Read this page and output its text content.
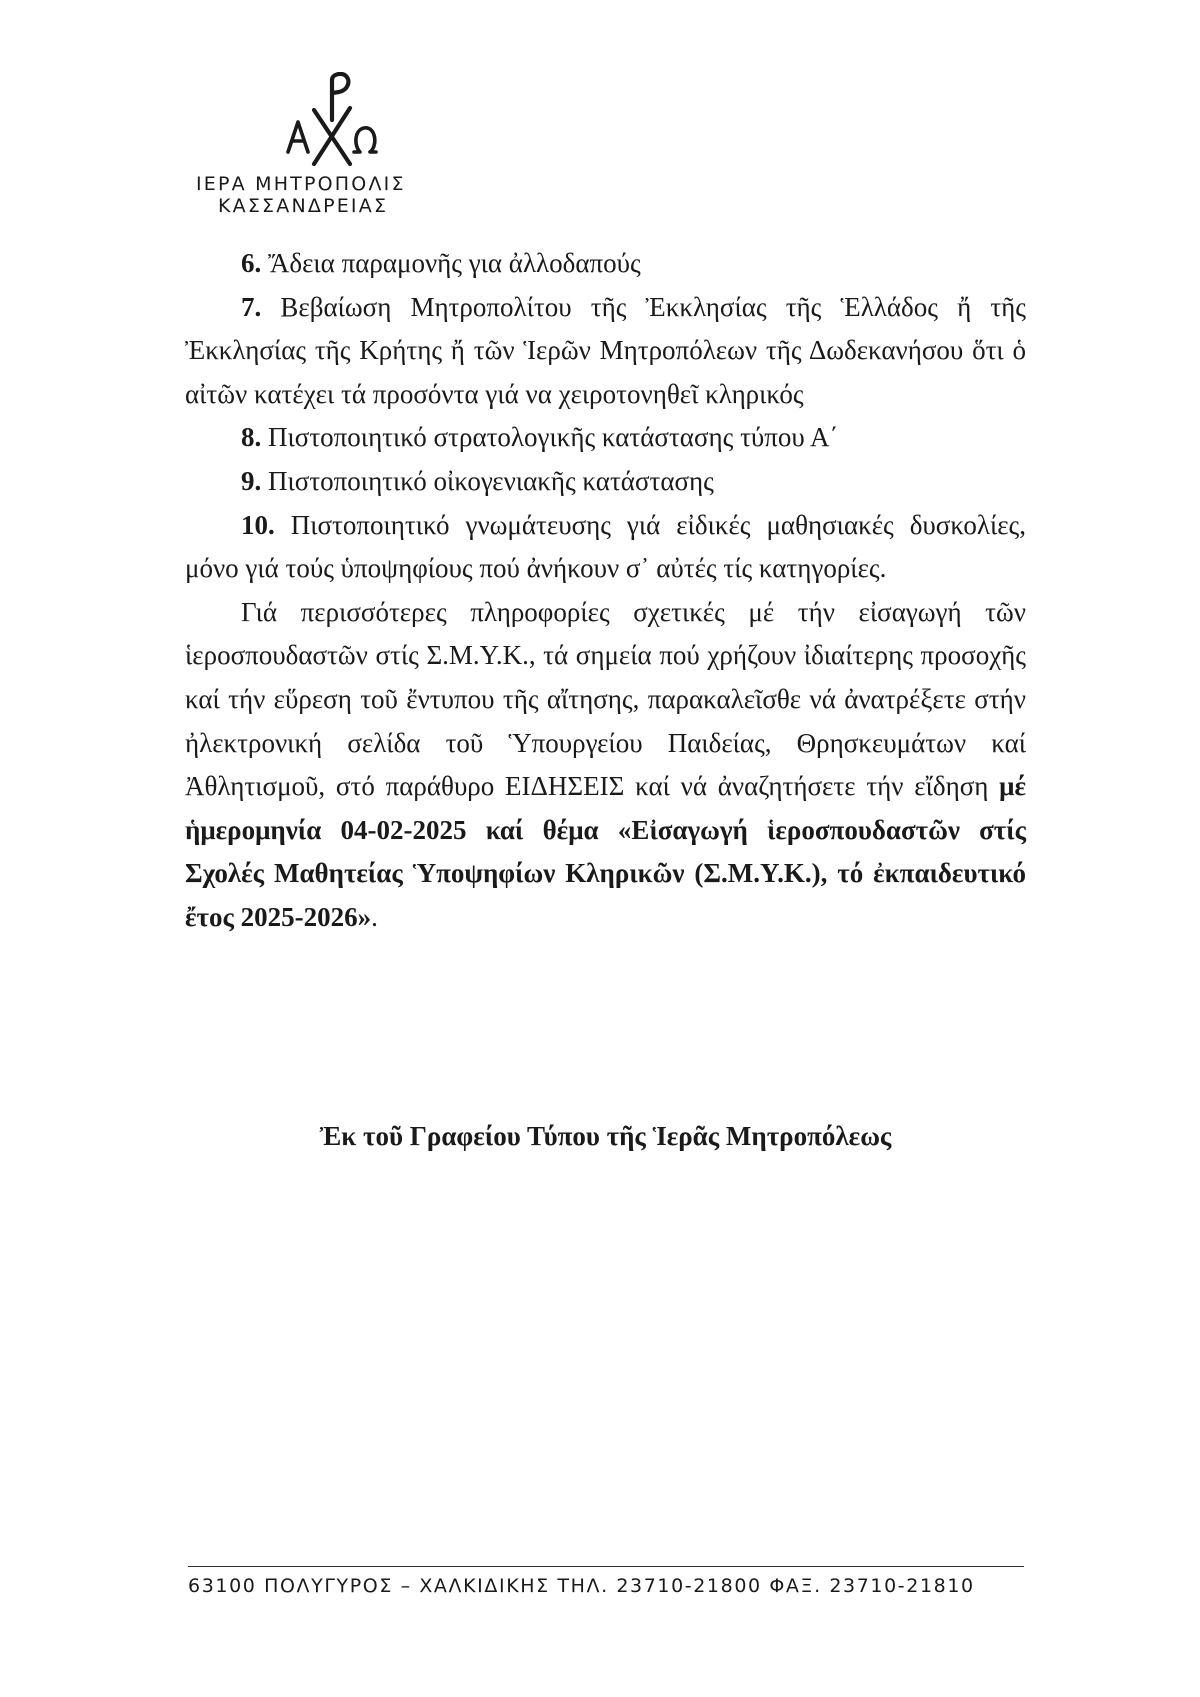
ΙΕΡΑ ΜΗΤΡΟΠΟΛΙΣ
ΚΑΣΣΑΝΔΡΕΙΑΣ

6. Ἄδεια παραμονῆς για ἀλλοδαπούς

7. Βεβαίωση Μητροπολίτου τῆς Ἐκκλησίας τῆς Ἑλλάδος ἤ τῆς Ἐκκλησίας τῆς Κρήτης ἤ τῶν Ἱερῶν Μητροπόλεων τῆς Δωδεκανήσου ὅτι ὁ αἰτῶν κατέχει τά προσόντα γιά να χειροτονηθεῖ κληρικός

8. Πιστοποιητικό στρατολογικῆς κατάστασης τύπου Α΄

9. Πιστοποιητικό οἰκογενιακῆς κατάστασης

10. Πιστοποιητικό γνωμάτευσης γιά εἰδικές μαθησιακές δυσκολίες, μόνο γιά τούς ὑποψηφίους πού ἀνήκουν σ᾽ αὐτές τίς κατηγορίες.

Γιά περισσότερες πληροφορίες σχετικές μέ τήν εἰσαγωγή τῶν ἱεροσπουδαστῶν στίς Σ.Μ.Υ.Κ., τά σημεία πού χρήζουν ἰδιαίτερης προσοχῆς καί τήν εὕρεση τοῦ ἔντυπου τῆς αἴτησης, παρακαλεῖσθε νά ἀνατρέξετε στήν ἠλεκτρονική σελίδα τοῦ Ὑπουργείου Παιδείας, Θρησκευμάτων καί Ἀθλητισμοῦ, στό παράθυρο ΕΙΔΗΣΕΙΣ καί νά ἀναζητήσετε τήν εἴδηση μέ ἡμερομηνία 04-02-2025 καί θέμα «Εἰσαγωγή ἱεροσπουδαστῶν στίς Σχολές Μαθητείας Ὑποψηφίων Κληρικῶν (Σ.Μ.Υ.Κ.), τό ἐκπαιδευτικό ἔτος 2025-2026».

Ἐκ τοῦ Γραφείου Τύπου τῆς Ἱερᾶς Μητροπόλεως
63100 ΠΟΛΥΓΥΡΟΣ – ΧΑΛΚΙΔΙΚΗΣ ΤΗΛ. 23710-21800 ΦΑΞ. 23710-21810
